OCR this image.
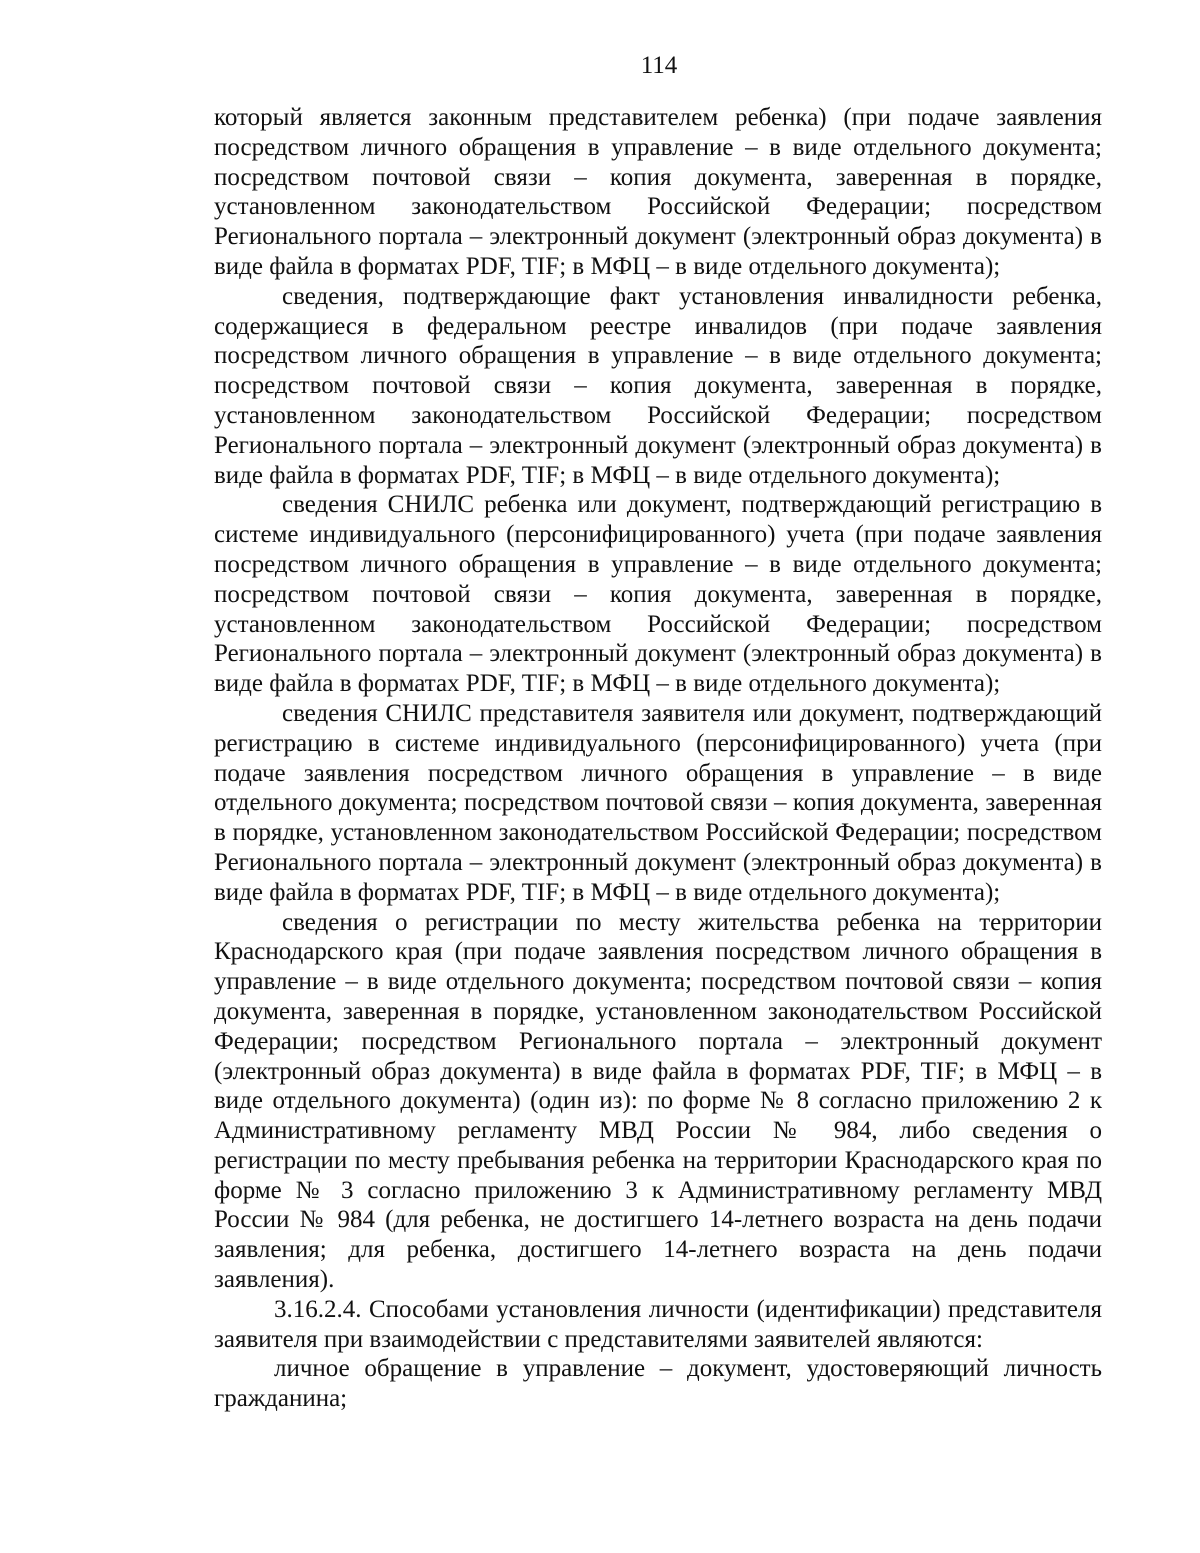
114

который является законным представителем ребенка) (при подаче заявления посредством личного обращения в управление – в виде отдельного документа; посредством почтовой связи – копия документа, заверенная в порядке, установленном законодательством Российской Федерации; посредством Регионального портала – электронный документ (электронный образ документа) в виде файла в форматах PDF, TIF; в МФЦ – в виде отдельного документа);

сведения, подтверждающие факт установления инвалидности ребенка, содержащиеся в федеральном реестре инвалидов (при подаче заявления посредством личного обращения в управление – в виде отдельного документа; посредством почтовой связи – копия документа, заверенная в порядке, установленном законодательством Российской Федерации; посредством Регионального портала – электронный документ (электронный образ документа) в виде файла в форматах PDF, TIF; в МФЦ – в виде отдельного документа);

сведения СНИЛС ребенка или документ, подтверждающий регистрацию в системе индивидуального (персонифицированного) учета (при подаче заявления посредством личного обращения в управление – в виде отдельного документа; посредством почтовой связи – копия документа, заверенная в порядке, установленном законодательством Российской Федерации; посредством Регионального портала – электронный документ (электронный образ документа) в виде файла в форматах PDF, TIF; в МФЦ – в виде отдельного документа);

сведения СНИЛС представителя заявителя или документ, подтверждающий регистрацию в системе индивидуального (персонифицированного) учета (при подаче заявления посредством личного обращения в управление – в виде отдельного документа; посредством почтовой связи – копия документа, заверенная в порядке, установленном законодательством Российской Федерации; посредством Регионального портала – электронный документ (электронный образ документа) в виде файла в форматах PDF, TIF; в МФЦ – в виде отдельного документа);

сведения о регистрации по месту жительства ребенка на территории Краснодарского края (при подаче заявления посредством личного обращения в управление – в виде отдельного документа; посредством почтовой связи – копия документа, заверенная в порядке, установленном законодательством Российской Федерации; посредством Регионального портала – электронный документ (электронный образ документа) в виде файла в форматах PDF, TIF; в МФЦ – в виде отдельного документа) (один из): по форме № 8 согласно приложению 2 к Административному регламенту МВД России № 984, либо сведения о регистрации по месту пребывания ребенка на территории Краснодарского края по форме № 3 согласно приложению 3 к Административному регламенту МВД России № 984 (для ребенка, не достигшего 14-летнего возраста на день подачи заявления; для ребенка, достигшего 14-летнего возраста на день подачи заявления).

3.16.2.4. Способами установления личности (идентификации) представителя заявителя при взаимодействии с представителями заявителей являются:

личное обращение в управление – документ, удостоверяющий личность гражданина;
